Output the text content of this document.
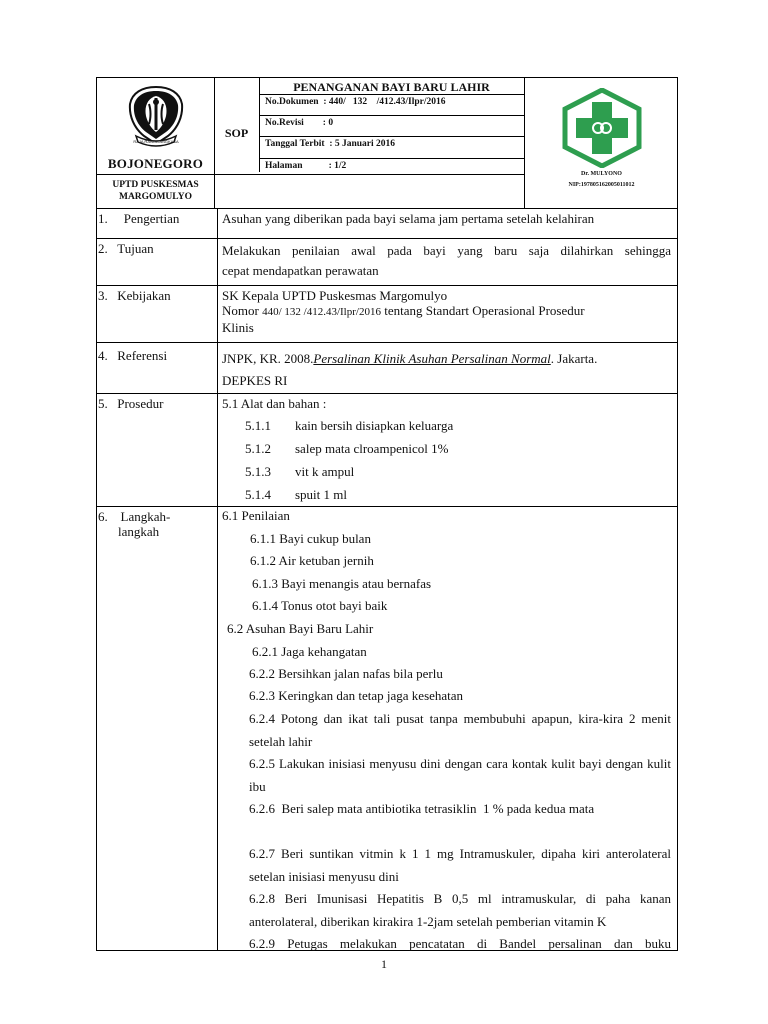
RAJA RANGA ANGKASA
BOJONEGORO
UPTD PUSKESMAS
MARGOMULYO
SOP
PENANGANAN BAYI BARU LAHIR
No.Dokumen  : 440/   132    /412.43/Ilpr/2016
No.Revisi        : 0
Tanggal Terbit  : 5 Januari 2016
Halaman           : 1/2
Dr. MULYONO
NIP:197805162005011012
1. Pengertian	Asuhan yang diberikan pada bayi selama jam pertama setelah kelahiran
2. Tujuan	Melakukan penilaian awal pada bayi yang baru saja dilahirkan sehingga
cepat mendapatkan perawatan
3. Kebijakan	SK Kepala UPTD Puskesmas Margomulyo
Nomor 440/ 132 /412.43/Ilpr/2016 tentang Standart Operasional Prosedur
Klinis
4. Referensi	JNPK, KR. 2008.Persalinan Klinik Asuhan Persalinan Normal. Jakarta.
DEPKES RI
5. Prosedur	5.1 Alat dan bahan :
5.1.1 kain bersih disiapkan keluarga
5.1.2 salep mata clroampenicol 1%
5.1.3 vit k ampul
5.1.4 spuit 1 ml
6. Langkah-
langkah
6.1 Penilaian
6.1.1 Bayi cukup bulan
6.1.2 Air ketuban jernih
6.1.3 Bayi menangis atau bernafas
6.1.4 Tonus otot bayi baik
6.2 Asuhan Bayi Baru Lahir
6.2.1 Jaga kehangatan
6.2.2 Bersihkan jalan nafas bila perlu
6.2.3 Keringkan dan tetap jaga kesehatan
6.2.4 Potong dan ikat tali pusat tanpa membubuhi apapun, kira-kira 2 menit
setelah lahir
6.2.5 Lakukan inisiasi menyusu dini dengan cara kontak kulit bayi dengan kulit
ibu
6.2.6  Beri salep mata antibiotika tetrasiklin  1 % pada kedua mata
6.2.7 Beri suntikan vitmin k 1 1 mg Intramuskuler, dipaha kiri anterolateral
setelan inisiasi menyusu dini
6.2.8 Beri Imunisasi Hepatitis B 0,5 ml intramuskular, di paha kanan
anterolateral, diberikan kirakira 1-2jam setelah pemberian vitamin K
6.2.9 Petugas melakukan pencatatan di Bandel persalinan dan buku
1
